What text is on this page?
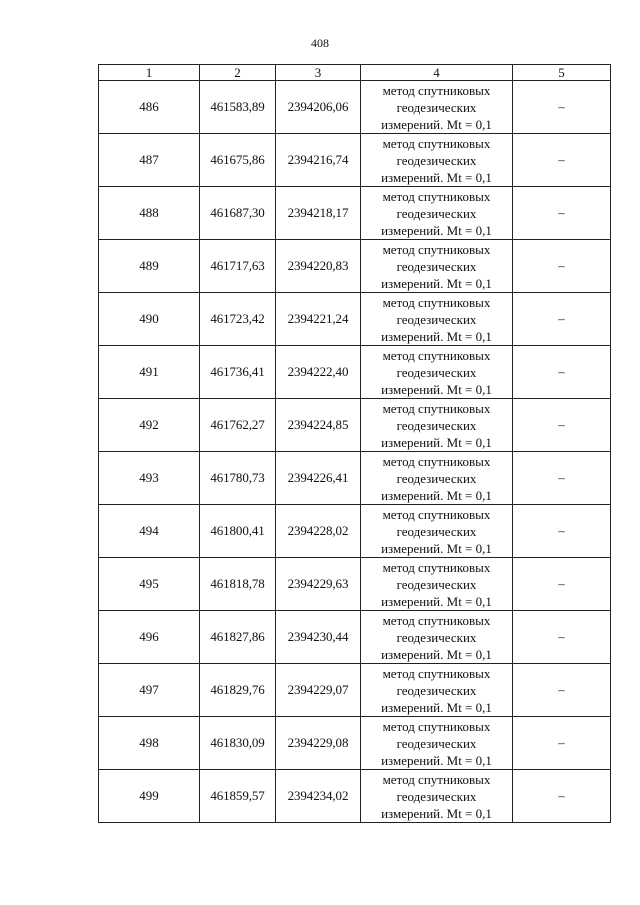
408
1	2	3	4	5
486	461583,89	2394206,06	метод спутниковых
геодезических
измерений. Mt = 0,1	–
487	461675,86	2394216,74	метод спутниковых
геодезических
измерений. Mt = 0,1	–
488	461687,30	2394218,17	метод спутниковых
геодезических
измерений. Mt = 0,1	–
489	461717,63	2394220,83	метод спутниковых
геодезических
измерений. Mt = 0,1	–
490	461723,42	2394221,24	метод спутниковых
геодезических
измерений. Mt = 0,1	–
491	461736,41	2394222,40	метод спутниковых
геодезических
измерений. Mt = 0,1	–
492	461762,27	2394224,85	метод спутниковых
геодезических
измерений. Mt = 0,1	–
493	461780,73	2394226,41	метод спутниковых
геодезических
измерений. Mt = 0,1	–
494	461800,41	2394228,02	метод спутниковых
геодезических
измерений. Mt = 0,1	–
495	461818,78	2394229,63	метод спутниковых
геодезических
измерений. Mt = 0,1	–
496	461827,86	2394230,44	метод спутниковых
геодезических
измерений. Mt = 0,1	–
497	461829,76	2394229,07	метод спутниковых
геодезических
измерений. Mt = 0,1	–
498	461830,09	2394229,08	метод спутниковых
геодезических
измерений. Mt = 0,1	–
499	461859,57	2394234,02	метод спутниковых
геодезических
измерений. Mt = 0,1	–
